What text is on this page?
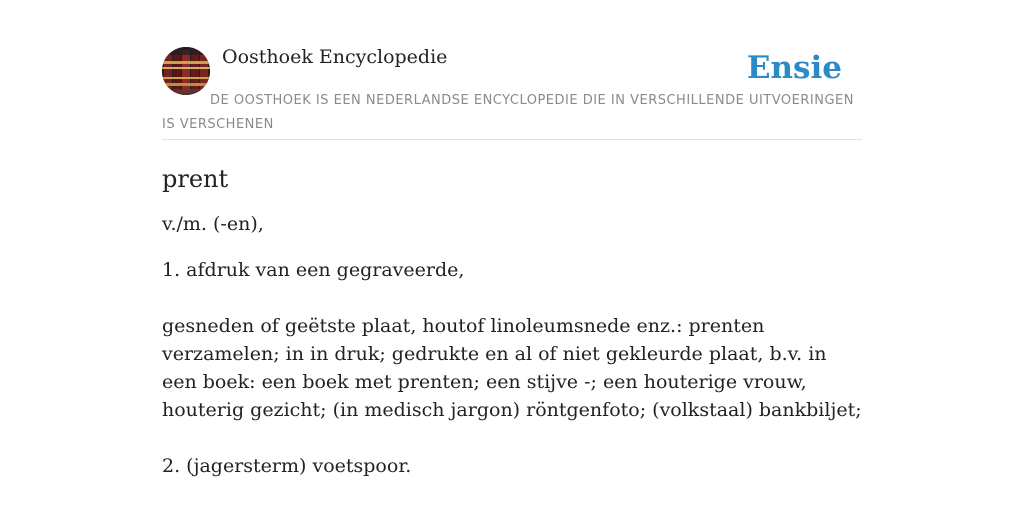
Oosthoek Encyclopedie	Ensie
DE OOSTHOEK IS EEN NEDERLANDSE ENCYCLOPEDIE DIE IN VERSCHILLENDE UITVOERINGEN IS VERSCHENEN
prent

v./m. (-en),

1. afdruk van een gegraveerde,

gesneden of geëtste plaat, houtof linoleumsnede enz.: prenten verzamelen; in in druk; gedrukte en al of niet gekleurde plaat, b.v. in een boek: een boek met prenten; een stijve -; een houterige vrouw, houterig gezicht; (in medisch jargon) röntgenfoto; (volkstaal) bankbiljet;

2. (jagersterm) voetspoor.
